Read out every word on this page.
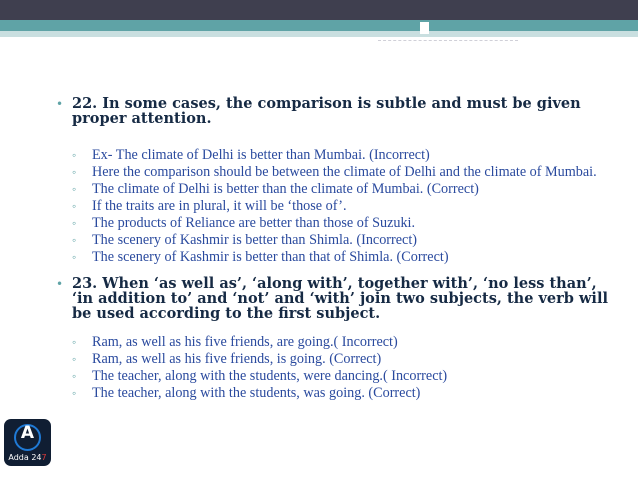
• 22. In some cases, the comparison is subtle and must be given proper attention.
◦ Ex- The climate of Delhi is better than Mumbai. (Incorrect)
◦ Here the comparison should be between the climate of Delhi and the climate of Mumbai.
◦ The climate of Delhi is better than the climate of Mumbai. (Correct)
◦ If the traits are in plural, it will be ‘those of’.
◦ The products of Reliance are better than those of Suzuki.
◦ The scenery of Kashmir is better than Shimla. (Incorrect)
◦ The scenery of Kashmir is better than that of Shimla. (Correct)
• 23. When ‘as well as’, ‘along with’, together with’, ‘no less than’, ‘in addition to’ and ‘not’ and ‘with’ join two subjects, the verb will be used according to the first subject.
◦ Ram, as well as his five friends, are going.( Incorrect)
◦ Ram, as well as his five friends, is going. (Correct)
◦ The teacher, along with the students, were dancing.( Incorrect)
◦ The teacher, along with the students, was going. (Correct)
A
Adda 247
